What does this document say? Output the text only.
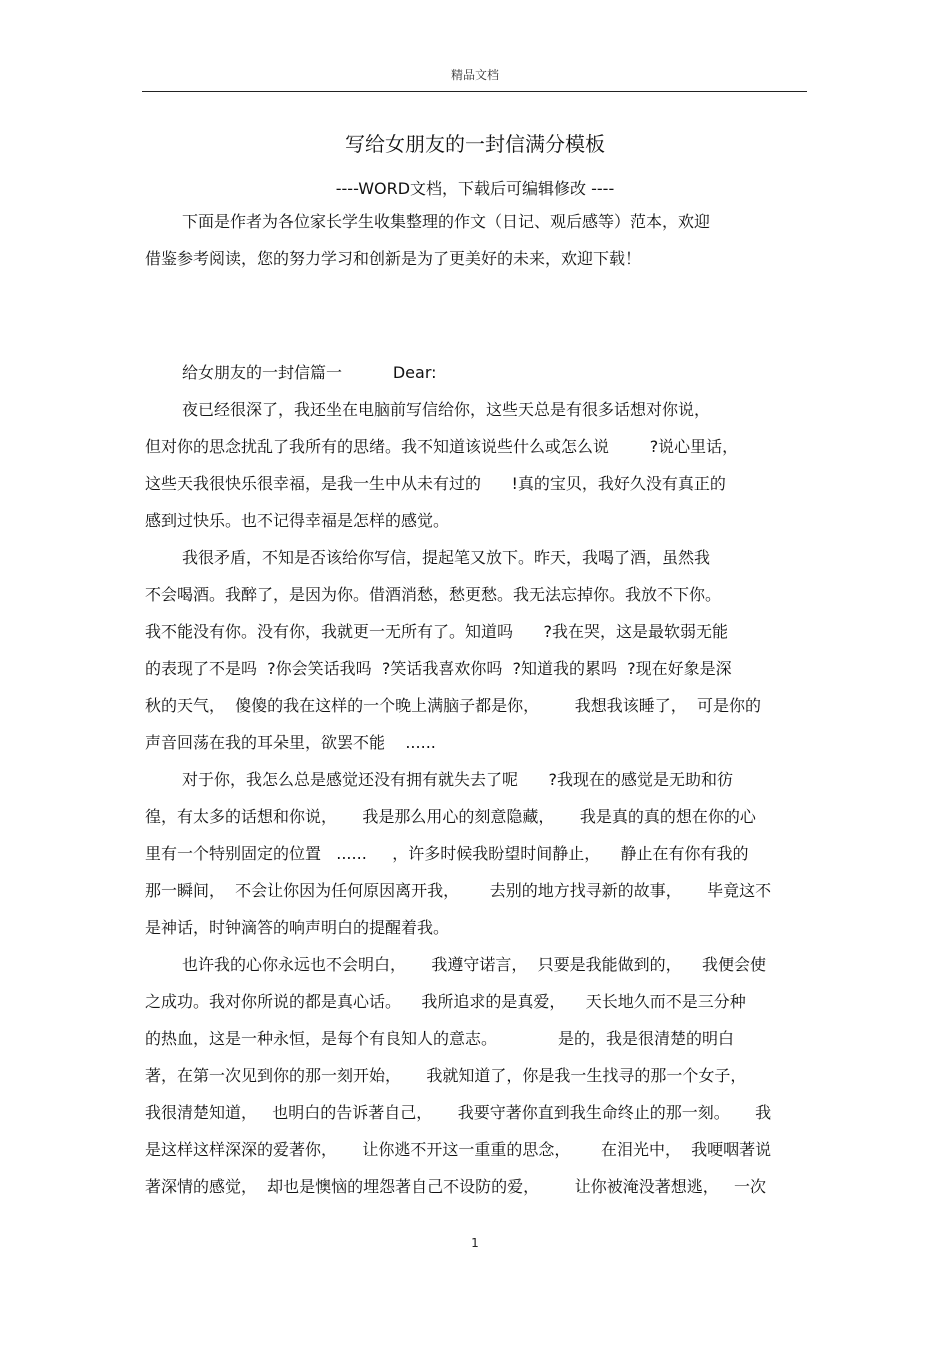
精品文档
写给女朋友的一封信满分模板
----WORD文档，下载后可编辑修改 ----
下面是作者为各位家长学生收集整理的作文（日记、观后感等）范本，欢迎
借鉴参考阅读，您的努力学习和创新是为了更美好的未来，欢迎下载！
给女朋友的一封信篇一          Dear:
夜已经很深了，我还坐在电脑前写信给你，这些天总是有很多话想对你说，
但对你的思念扰乱了我所有的思绪。我不知道该说些什么或怎么说        ?说心里话，
这些天我很快乐很幸福，是我一生中从未有过的      !真的宝贝，我好久没有真正的
感到过快乐。也不记得幸福是怎样的感觉。
我很矛盾，不知是否该给你写信，提起笔又放下。昨天，我喝了酒，虽然我
不会喝酒。我醉了，是因为你。借酒消愁，愁更愁。我无法忘掉你。我放不下你。
我不能没有你。没有你，我就更一无所有了。知道吗      ?我在哭，这是最软弱无能
的表现了不是吗  ?你会笑话我吗  ?笑话我喜欢你吗  ?知道我的累吗  ?现在好象是深
秋的天气，  傻傻的我在这样的一个晚上满脑子都是你，       我想我该睡了，  可是你的
声音回荡在我的耳朵里，欲罢不能    ......
对于你，我怎么总是感觉还没有拥有就失去了呢      ?我现在的感觉是无助和彷
徨，有太多的话想和你说，     我是那么用心的刻意隐藏，     我是真的真的想在你的心
里有一个特别固定的位置   ......     ，许多时候我盼望时间静止，    静止在有你有我的
那一瞬间，  不会让你因为任何原因离开我，      去别的地方找寻新的故事，     毕竟这不
是神话，时钟滴答的响声明白的提醒着我。
也许我的心你永远也不会明白，     我遵守诺言，  只要是我能做到的，    我便会使
之成功。我对你所说的都是真心话。    我所追求的是真爱，    天长地久而不是三分种
的热血，这是一种永恒，是每个有良知人的意志。            是的，我是很清楚的明白
著，在第一次见到你的那一刻开始，     我就知道了，你是我一生找寻的那一个女子，
我很清楚知道，   也明白的告诉著自己，     我要守著你直到我生命终止的那一刻。     我
是这样这样深深的爱著你，     让你逃不开这一重重的思念，      在泪光中，  我哽咽著说
著深情的感觉，  却也是懊恼的埋怨著自己不设防的爱，       让你被淹没著想逃，   一次
1
